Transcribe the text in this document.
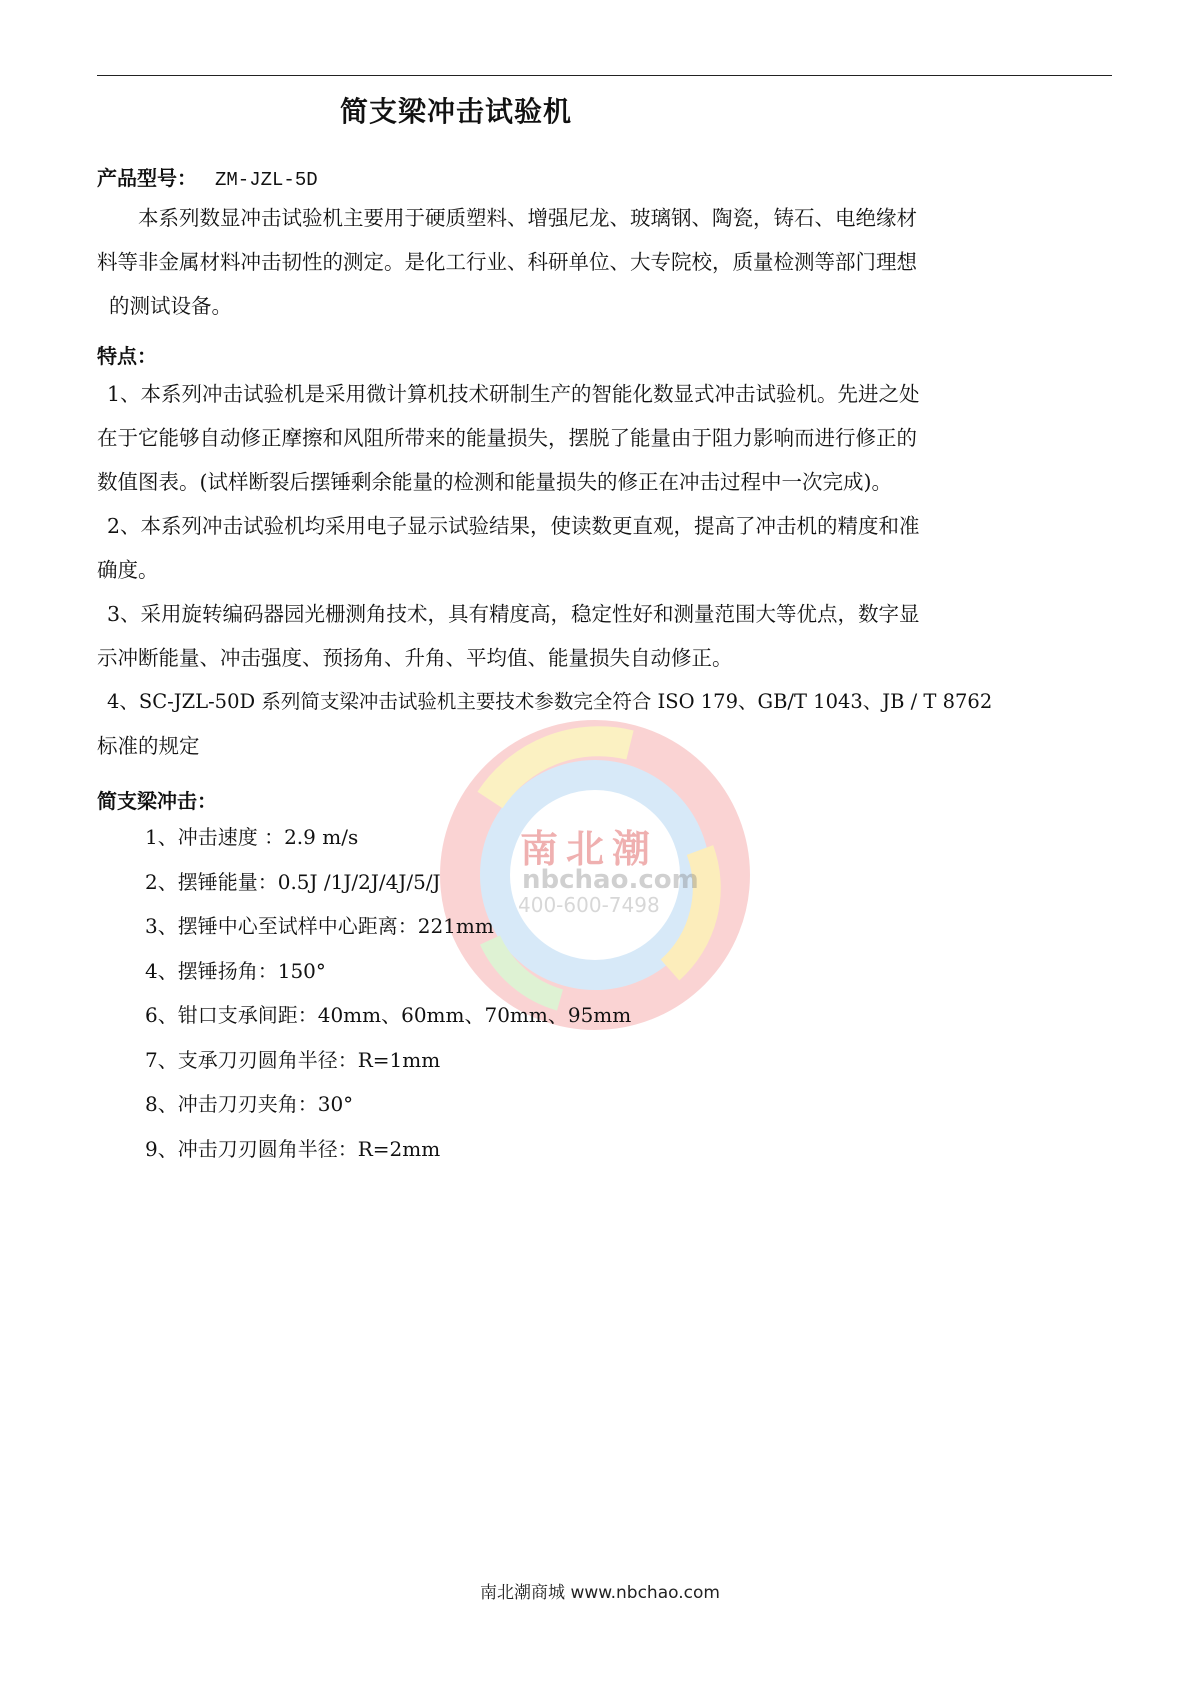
南北潮
nbchao.com
400-600-7498
简支梁冲击试验机
产品型号： ZM-JZL-5D

　　本系列数显冲击试验机主要用于硬质塑料、增强尼龙、玻璃钢、陶瓷，铸石、电绝缘材

料等非金属材料冲击韧性的测定。是化工行业、科研单位、大专院校，质量检测等部门理想

的测试设备。

特点：

1、本系列冲击试验机是采用微计算机技术研制生产的智能化数显式冲击试验机。先进之处

在于它能够自动修正摩擦和风阻所带来的能量损失，摆脱了能量由于阻力影响而进行修正的

数值图表。(试样断裂后摆锤剩余能量的检测和能量损失的修正在冲击过程中一次完成)。

2、本系列冲击试验机均采用电子显示试验结果，使读数更直观，提高了冲击机的精度和准

确度。

3、采用旋转编码器园光栅测角技术，具有精度高，稳定性好和测量范围大等优点，数字显

示冲断能量、冲击强度、预扬角、升角、平均值、能量损失自动修正。

4、SC-JZL-50D 系列简支梁冲击试验机主要技术参数完全符合 ISO 179、GB/T 1043、JB / T 8762

标准的规定

简支梁冲击：
1、冲击速度 ：2.9 m/s
2、摆锤能量：0.5J /1J/2J/4J/5/J
3、摆锤中心至试样中心距离：221mm
4、摆锤扬角：150°
6、钳口支承间距：40mm、60mm、70mm、95mm
7、支承刀刃圆角半径：R=1mm
8、冲击刀刃夹角：30°
9、冲击刀刃圆角半径：R=2mm
南北潮商城 www.nbchao.com
